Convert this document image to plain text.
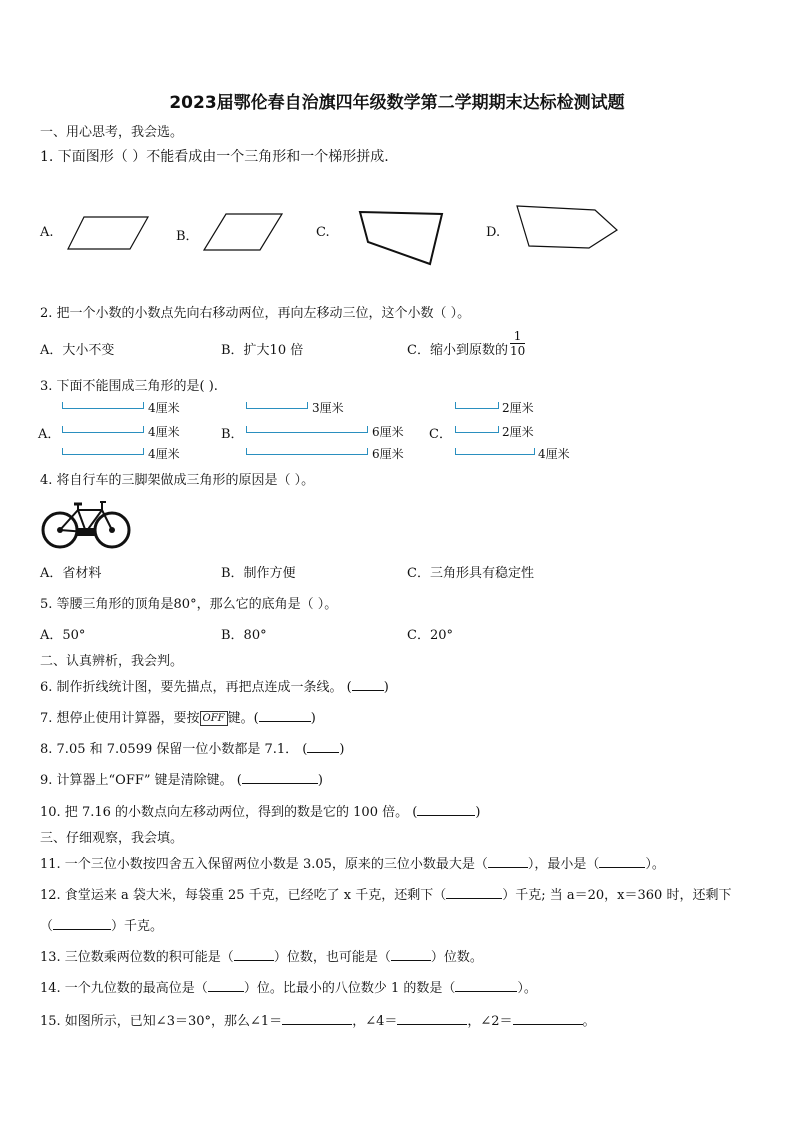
2023届鄂伦春自治旗四年级数学第二学期期末达标检测试题
一、用心思考，我会选。
1. 下面图形（ ）不能看成由一个三角形和一个梯形拼成.
A.	B．	C.	D.
2. 把一个小数的小数点先向右移动两位，再向左移动三位，这个小数（ ）。
A．大小不变	B．扩大10 倍	C．缩小到原数的 $\frac{1}{10}$
3. 下面不能围成三角形的是( ).
A．	B．	C．
4厘米
4厘米
4厘米
3厘米
6厘米
6厘米
2厘米
2厘米
4厘米
4. 将自行车的三脚架做成三角形的原因是（ ）。
A．省材料	B．制作方便	C．三角形具有稳定性
5. 等腰三角形的顶角是80°，那么它的底角是（ ）。
A．50°	B．80°	C．20°
二、认真辨析，我会判。
6. 制作折线统计图，要先描点，再把点连成一条线。 ( )
7. 想停止使用计算器，要按 OFF 键。(	)
8. 7.05 和 7.0599 保留一位小数都是 7.1． ( )
9. 计算器上“OFF” 键是清除键。 (	)
10. 把 7.16 的小数点向左移动两位，得到的数是它的 100 倍。 (	)
三、仔细观察，我会填。
11. 一个三位小数按四舍五入保留两位小数是 3.05，原来的三位小数最大是（	），最小是（	）。
12. 食堂运来 a 袋大米，每袋重 25 千克，已经吃了 x 千克，还剩下（	）千克; 当 a＝20，x＝360 时，还剩下
（	）千克。
13. 三位数乘两位数的积可能是（	）位数，也可能是（	）位数。
14. 一个九位数的最高位是（	）位。比最小的八位数少 1 的数是（	）。
15. 如图所示，已知∠3＝30°，那么∠1＝	，∠4＝	，∠2＝	。
